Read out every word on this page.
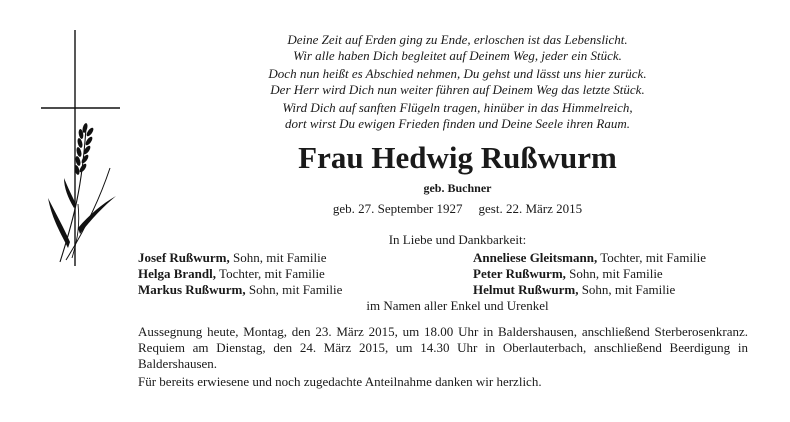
Deine Zeit auf Erden ging zu Ende, erloschen ist das Lebenslicht.
Wir alle haben Dich begleitet auf Deinem Weg, jeder ein Stück.
Doch nun heißt es Abschied nehmen, Du gehst und lässt uns hier zurück.
Der Herr wird Dich nun weiter führen auf Deinem Weg das letzte Stück.
Wird Dich auf sanften Flügeln tragen, hinüber in das Himmelreich,
dort wirst Du ewigen Frieden finden und Deine Seele ihren Raum.
Frau Hedwig Rußwurm
geb. Buchner
geb. 27. September 1927 gest. 22. März 2015
In Liebe und Dankbarkeit:
Josef Rußwurm, Sohn, mit Familie
Helga Brandl, Tochter, mit Familie
Markus Rußwurm, Sohn, mit Familie
Anneliese Gleitsmann, Tochter, mit Familie
Peter Rußwurm, Sohn, mit Familie
Helmut Rußwurm, Sohn, mit Familie
im Namen aller Enkel und Urenkel
Aussegnung heute, Montag, den 23. März 2015, um 18.00 Uhr in Baldershausen, anschließend Sterberosenkranz. Requiem am Dienstag, den 24. März 2015, um 14.30 Uhr in Oberlauterbach, anschließend Beerdigung in Baldershausen.
Für bereits erwiesene und noch zugedachte Anteilnahme danken wir herzlich.
